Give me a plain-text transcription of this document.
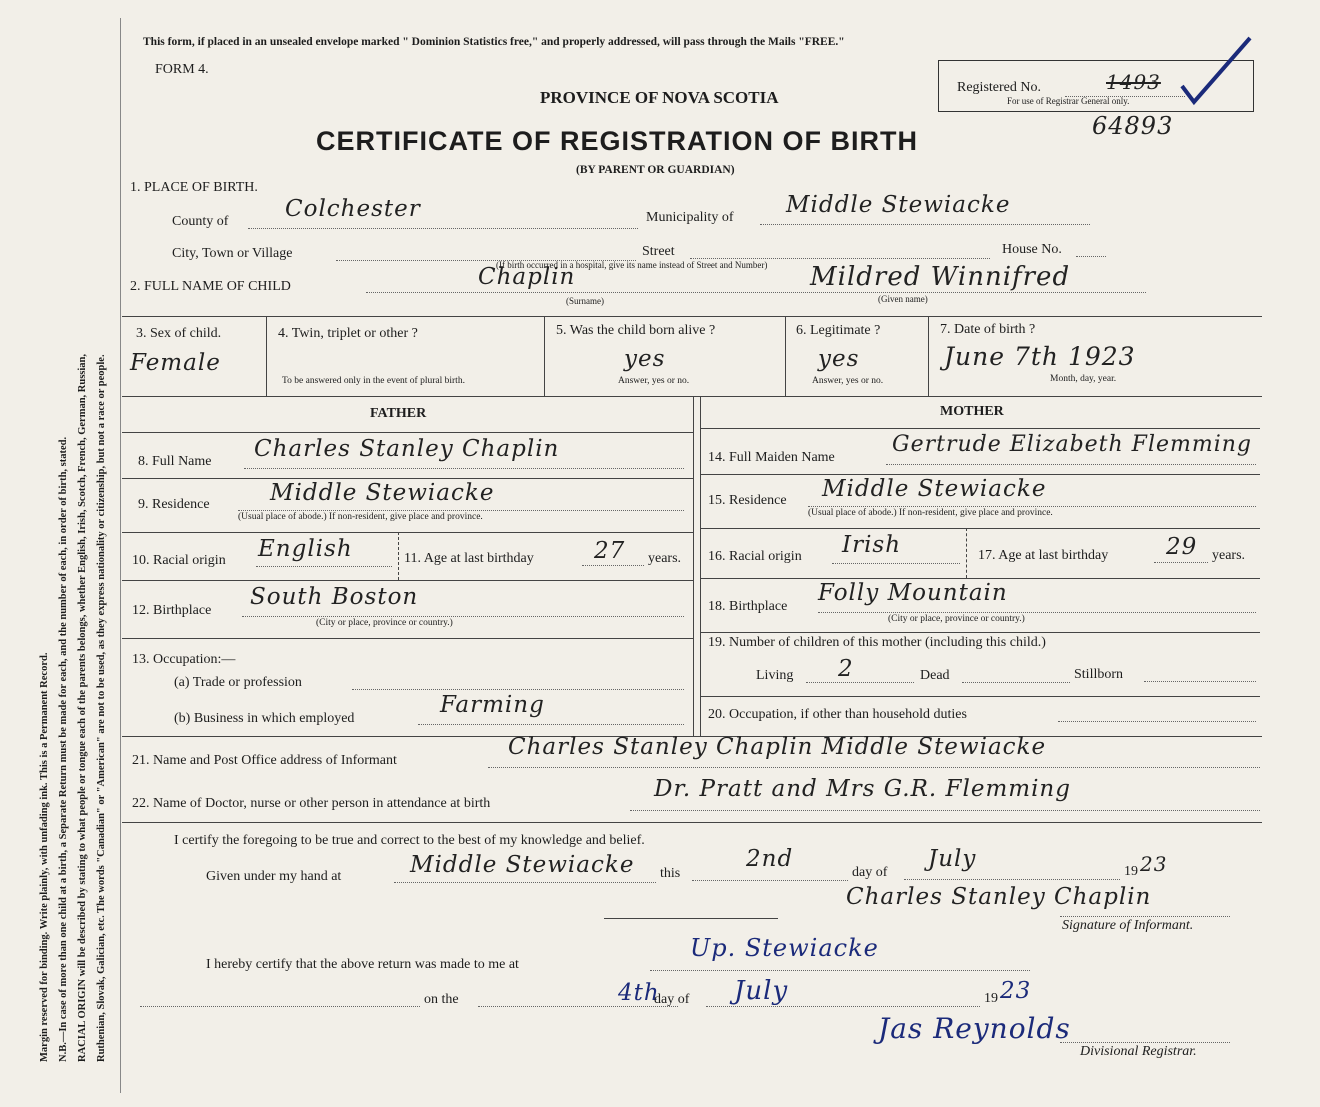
Margin reserved for binding. Write plainly, with unfading ink. This is a Permanent Record. N.B.—In case of more than one child at a birth, a Separate Return must be made for each, and the number of each, in order of birth, stated. RACIAL ORIGIN will be described by stating to what people or tongue each of the parents belongs, whether English, Irish, Scotch, French, German, Russian, Ruthenian, Slovak, Galician, etc. The words "Canadian" or "American" are not to be used, as they express nationality or citizenship, but not a race or people.
This form, if placed in an unsealed envelope marked " Dominion Statistics free," and properly addressed, will pass through the Mails "FREE."
FORM 4.
PROVINCE OF NOVA SCOTIA
CERTIFICATE OF REGISTRATION OF BIRTH
(BY PARENT OR GUARDIAN)
Registered No.	1493
For use of Registrar General only.
64893
1. PLACE OF BIRTH.
County of Colchester	Municipality of Middle Stewiacke
City, Town or Village	Street	House No.
(If birth occurred in a hospital, give its name instead of Street and Number)
2. FULL NAME OF CHILD	Chaplin
(Surname)
Mildred Winnifred
(Given name)
3. Sex of child.
Female
4. Twin, triplet or other ?
To be answered only in the event of plural birth.
5. Was the child born alive ?
yes
Answer, yes or no.
6. Legitimate ?
yes
Answer, yes or no.
7. Date of birth ?
June 7th 1923
Month, day, year.
FATHER	MOTHER
8. Full Name Charles Stanley Chaplin
9. Residence	Middle Stewiacke
(Usual place of abode.) If non-resident, give place and province.
10. Racial origin English	11. Age at last birthday	27 years.
12. Birthplace
South Boston
(City or place, province or country.)
13. Occupation:—
(a) Trade or profession
(b) Business in which employed
Farming
14. Full Maiden Name
Gertrude Elizabeth Flemming
15. Residence Middle Stewiacke
(Usual place of abode.) If non-resident, give place and province.
16. Racial origin Irish	17. Age at last birthday	29 years.
18. Birthplace
Folly Mountain
(City or place, province or country.)
19. Number of children of this mother (including this child.)
Living 2	Dead	Stillborn
20. Occupation, if other than household duties
21. Name and Post Office address of Informant
Charles Stanley Chaplin Middle Stewiacke
22. Name of Doctor, nurse or other person in attendance at birth
Dr. Pratt and Mrs G.R. Flemming
I certify the foregoing to be true and correct to the best of my knowledge and belief.
Given under my hand at	Middle Stewiacke this
2nd
day of
July	19 23
Charles Stanley Chaplin
Signature of Informant.
I hereby certify that the above return was made to me at
Up. Stewiacke
on the	4th
day of July	19 23
Jas Reynolds
Divisional Registrar.
